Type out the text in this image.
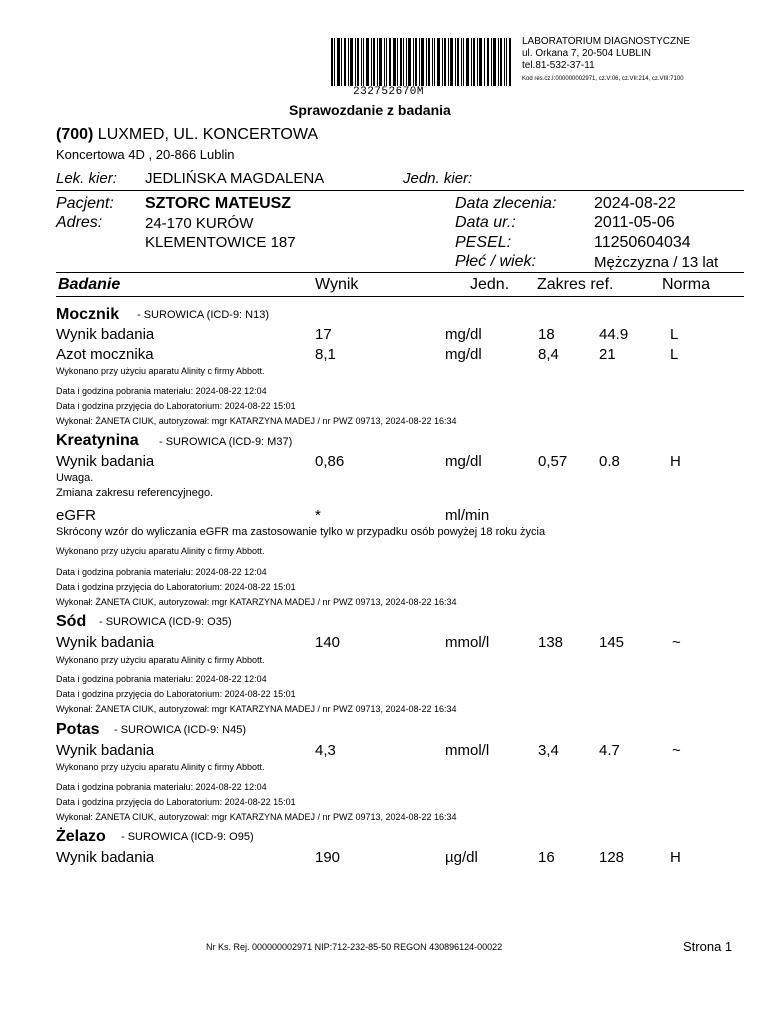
232752670M
LABORATORIUM DIAGNOSTYCZNE
ul. Orkana 7, 20-504 LUBLIN
tel.81-532-37-11
Kod res.cz.I:000000002971, cz.V:06, cz.VII:214, cz.VIII:7100
Sprawozdanie z badania
(700) LUXMED, UL. KONCERTOWA
Koncertowa 4D , 20-866 Lublin
Lek. kier: JEDLIŃSKA MAGDALENA	Jedn. kier:
Pacjent: SZTORC MATEUSZ
Adres:	24-170 KURÓW
KLEMENTOWICE 187
Data zlecenia: 2024-08-22
Data ur.:	2011-05-06
PESEL:	11250604034
Płeć / wiek:	Mężczyzna / 13 lat
Badanie	Wynik	Jedn. Zakres ref.	Norma
Mocznik - SUROWICA (ICD-9: N13)
Wynik badania	17	mg/dl	18	44.9	L
Azot mocznika	8,1	mg/dl	8,4	21	L
Wykonano przy użyciu aparatu Alinity c firmy Abbott.
Data i godzina pobrania materiału: 2024-08-22 12:04
Data i godzina przyjęcia do Laboratorium: 2024-08-22 15:01
Wykonał: ŻANETA CIUK, autoryzował: mgr KATARZYNA MADEJ / nr PWZ 09713, 2024-08-22 16:34
Kreatynina - SUROWICA (ICD-9: M37)
Wynik badania	0,86	mg/dl	0,57 0.8	H
Uwaga.
Zmiana zakresu referencyjnego.
eGFR	*	ml/min
Skrócony wzór do wyliczania eGFR ma zastosowanie tylko w przypadku osób powyżej 18 roku życia
Wykonano przy użyciu aparatu Alinity c firmy Abbott.
Data i godzina pobrania materiału: 2024-08-22 12:04
Data i godzina przyjęcia do Laboratorium: 2024-08-22 15:01
Wykonał: ŻANETA CIUK, autoryzował: mgr KATARZYNA MADEJ / nr PWZ 09713, 2024-08-22 16:34
Sód - SUROWICA (ICD-9: O35)
Wynik badania	140	mmol/l	138 145	~
Wykonano przy użyciu aparatu Alinity c firmy Abbott.
Data i godzina pobrania materiału: 2024-08-22 12:04
Data i godzina przyjęcia do Laboratorium: 2024-08-22 15:01
Wykonał: ŻANETA CIUK, autoryzował: mgr KATARZYNA MADEJ / nr PWZ 09713, 2024-08-22 16:34
Potas - SUROWICA (ICD-9: N45)
Wynik badania	4,3	mmol/l	3,4	4.7	~
Wykonano przy użyciu aparatu Alinity c firmy Abbott.
Data i godzina pobrania materiału: 2024-08-22 12:04
Data i godzina przyjęcia do Laboratorium: 2024-08-22 15:01
Wykonał: ŻANETA CIUK, autoryzował: mgr KATARZYNA MADEJ / nr PWZ 09713, 2024-08-22 16:34
Żelazo - SUROWICA (ICD-9: O95)
Wynik badania	190	µg/dl	16	128	H
Nr Ks. Rej. 000000002971 NIP:712-232-85-50 REGON 430896124-00022	Strona 1
